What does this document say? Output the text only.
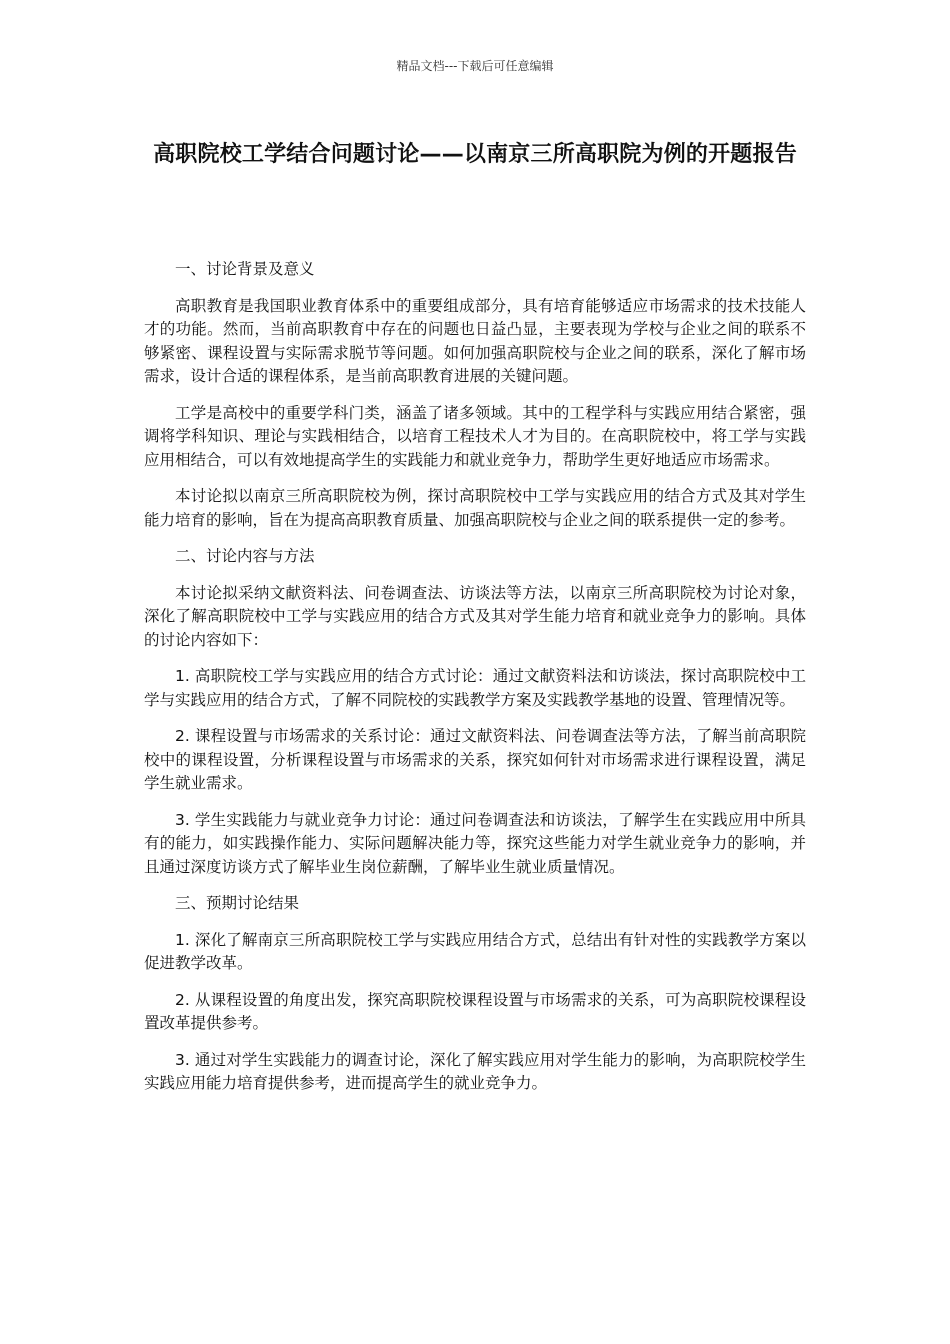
精品文档---下载后可任意编辑
高职院校工学结合问题讨论——以南京三所高职院为例的开题报告

一、讨论背景及意义

高职教育是我国职业教育体系中的重要组成部分，具有培育能够适应市场需求的技术技能人才的功能。然而，当前高职教育中存在的问题也日益凸显，主要表现为学校与企业之间的联系不够紧密、课程设置与实际需求脱节等问题。如何加强高职院校与企业之间的联系，深化了解市场需求，设计合适的课程体系，是当前高职教育进展的关键问题。

工学是高校中的重要学科门类，涵盖了诸多领域。其中的工程学科与实践应用结合紧密，强调将学科知识、理论与实践相结合，以培育工程技术人才为目的。在高职院校中，将工学与实践应用相结合，可以有效地提高学生的实践能力和就业竞争力，帮助学生更好地适应市场需求。

本讨论拟以南京三所高职院校为例，探讨高职院校中工学与实践应用的结合方式及其对学生能力培育的影响，旨在为提高高职教育质量、加强高职院校与企业之间的联系提供一定的参考。

二、讨论内容与方法

本讨论拟采纳文献资料法、问卷调查法、访谈法等方法，以南京三所高职院校为讨论对象，深化了解高职院校中工学与实践应用的结合方式及其对学生能力培育和就业竞争力的影响。具体的讨论内容如下：

1. 高职院校工学与实践应用的结合方式讨论：通过文献资料法和访谈法，探讨高职院校中工学与实践应用的结合方式，了解不同院校的实践教学方案及实践教学基地的设置、管理情况等。

2. 课程设置与市场需求的关系讨论：通过文献资料法、问卷调查法等方法，了解当前高职院校中的课程设置，分析课程设置与市场需求的关系，探究如何针对市场需求进行课程设置，满足学生就业需求。

3. 学生实践能力与就业竞争力讨论：通过问卷调查法和访谈法，了解学生在实践应用中所具有的能力，如实践操作能力、实际问题解决能力等，探究这些能力对学生就业竞争力的影响，并且通过深度访谈方式了解毕业生岗位薪酬，了解毕业生就业质量情况。

三、预期讨论结果

1. 深化了解南京三所高职院校工学与实践应用结合方式，总结出有针对性的实践教学方案以促进教学改革。

2. 从课程设置的角度出发，探究高职院校课程设置与市场需求的关系，可为高职院校课程设置改革提供参考。

3. 通过对学生实践能力的调查讨论，深化了解实践应用对学生能力的影响，为高职院校学生实践应用能力培育提供参考，进而提高学生的就业竞争力。
